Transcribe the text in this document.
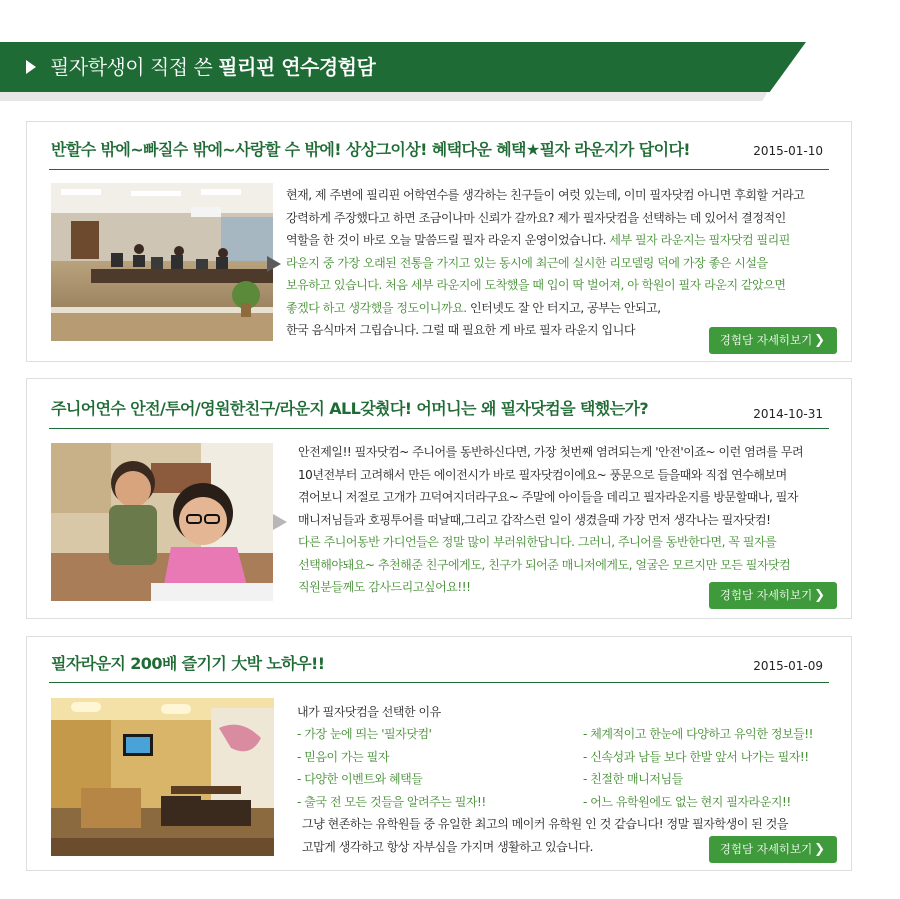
필자학생이 직접 쓴 필리핀 연수경험담
반할수 밖에~빠질수 밖에~사랑할 수 밖에! 상상그이상! 혜택다운 혜택★필자 라운지가 답이다!	2015-01-10
현재, 제 주변에 필리핀 어학연수를 생각하는 친구들이 여럿 있는데, 이미 필자닷컴 아니면 후회할 거라고
강력하게 주장했다고 하면 조금이나마 신뢰가 갈까요? 제가 필자닷컴을 선택하는 데 있어서 결정적인
역할을 한 것이 바로 오늘 말씀드릴 필자 라운지 운영이었습니다. 세부 필자 라운지는 필자닷컴 필리핀
라운지 중 가장 오래된 전통을 가지고 있는 동시에 최근에 실시한 리모델링 덕에 가장 좋은 시설을
보유하고 있습니다. 처음 세부 라운지에 도착했을 때 입이 딱 벌어져, 아 학원이 필자 라운지 같았으면
좋겠다 하고 생각했을 정도이니까요. 인터넷도 잘 안 터지고, 공부는 안되고,
한국 음식마저 그립습니다. 그럴 때 필요한 게 바로 필자 라운지 입니다
경험담 자세히보기 ❯
주니어연수 안전/투어/영원한친구/라운지 ALL갖췄다! 어머니는 왜 필자닷컴을 택했는가?	2014-10-31
안전제일!! 필자닷컴~ 주니어를 동반하신다면, 가장 첫번째 염려되는게 '안전'이죠~ 이런 염려를 무려
10년전부터 고려해서 만든 에이전시가 바로 필자닷컴이에요~ 풍문으로 들을때와 직접 연수해보며
겪어보니 저절로 고개가 끄덕여지더라구요~ 주말에 아이들을 데리고 필자라운지를 방문할때나, 필자
매니저님들과 호핑투어를 떠날때,그리고 갑작스런 일이 생겼을때 가장 먼저 생각나는 필자닷컴!
다른 주니어동반 가디언들은 정말 많이 부러워한답니다. 그러니, 주니어를 동반한다면, 꼭 필자를
선택해야돼요~ 추천해준 친구에게도, 친구가 되어준 매니저에게도, 얼굴은 모르지만 모든 필자닷컴
직원분들께도 감사드리고싶어요!!!
경험담 자세히보기 ❯
필자라운지 200배 즐기기 大박 노하우!!	2015-01-09
내가 필자닷컴을 선택한 이유
- 가장 눈에 띄는 '필자닷컴'
- 믿음이 가는 필자
- 다양한 이벤트와 혜택들
- 출국 전 모든 것들을 알려주는 필자!!
- 체계적이고 한눈에 다양하고 유익한 정보들!!
- 신속성과 남들 보다 한발 앞서 나가는 필자!!
- 친절한 매니저님들
- 어느 유학원에도 없는 현지 필자라운지!!
그냥 현존하는 유학원들 중 유일한 최고의 메이커 유학원 인 것 같습니다! 정말 필자학생이 된 것을
고맙게 생각하고 항상 자부심을 가지며 생활하고 있습니다.	경험담 자세히보기 ❯
